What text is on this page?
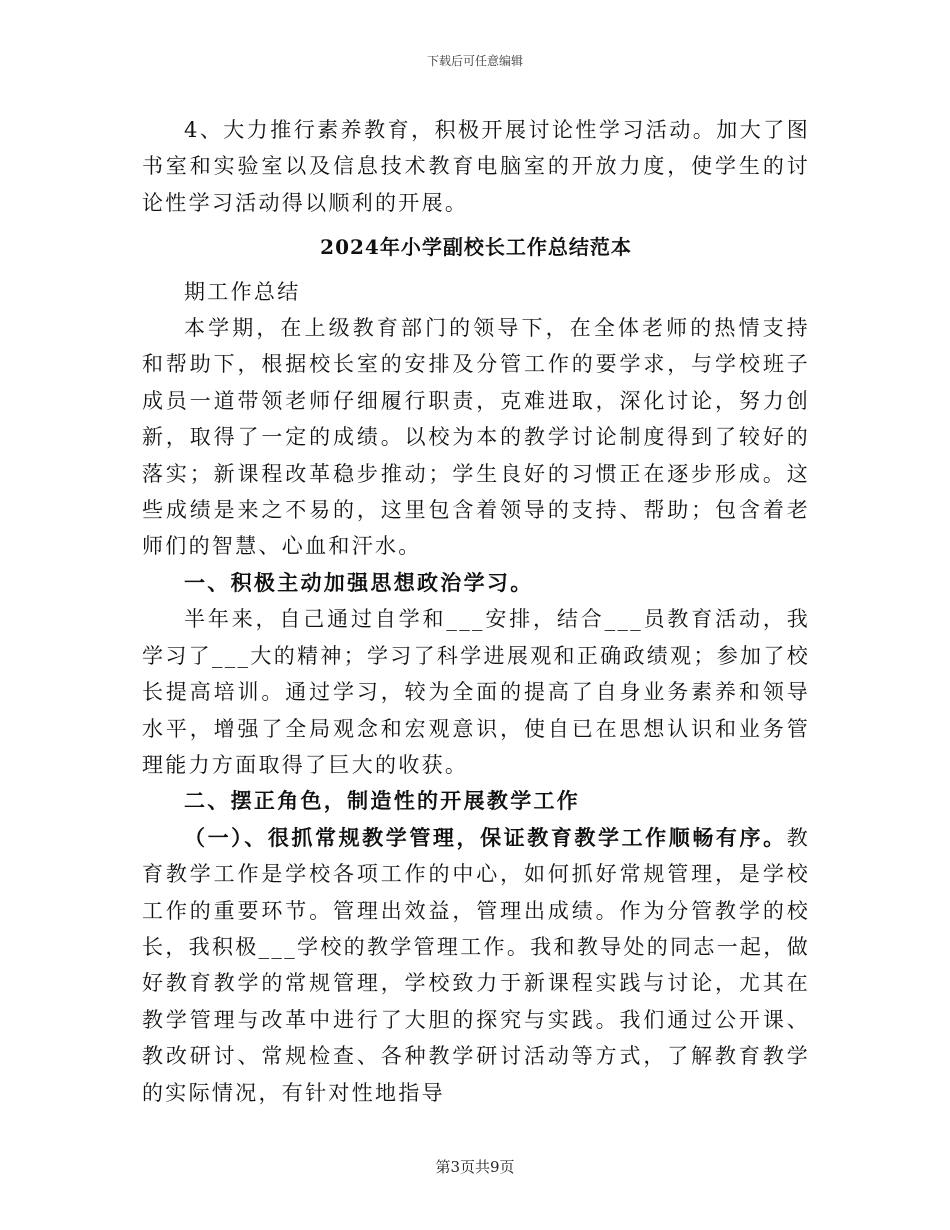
下载后可任意编辑

4、大力推行素养教育，积极开展讨论性学习活动。加大了图书室和实验室以及信息技术教育电脑室的开放力度，使学生的讨论性学习活动得以顺利的开展。

2024年小学副校长工作总结范本

期工作总结

本学期，在上级教育部门的领导下，在全体老师的热情支持和帮助下，根据校长室的安排及分管工作的要学求，与学校班子成员一道带领老师仔细履行职责，克难进取，深化讨论，努力创新，取得了一定的成绩。以校为本的教学讨论制度得到了较好的落实；新课程改革稳步推动；学生良好的习惯正在逐步形成。这些成绩是来之不易的，这里包含着领导的支持、帮助；包含着老师们的智慧、心血和汗水。

一、积极主动加强思想政治学习。

半年来，自己通过自学和___安排，结合___员教育活动，我学习了___大的精神；学习了科学进展观和正确政绩观；参加了校长提高培训。通过学习，较为全面的提高了自身业务素养和领导水平，增强了全局观念和宏观意识，使自已在思想认识和业务管理能力方面取得了巨大的收获。

二、摆正角色，制造性的开展教学工作

（一）、很抓常规教学管理，保证教育教学工作顺畅有序。教育教学工作是学校各项工作的中心，如何抓好常规管理，是学校工作的重要环节。管理出效益，管理出成绩。作为分管教学的校长，我积极___学校的教学管理工作。我和教导处的同志一起，做好教育教学的常规管理，学校致力于新课程实践与讨论，尤其在教学管理与改革中进行了大胆的探究与实践。我们通过公开课、教改研讨、常规检查、各种教学研讨活动等方式，了解教育教学的实际情况，有针对性地指导

第3页共9页
